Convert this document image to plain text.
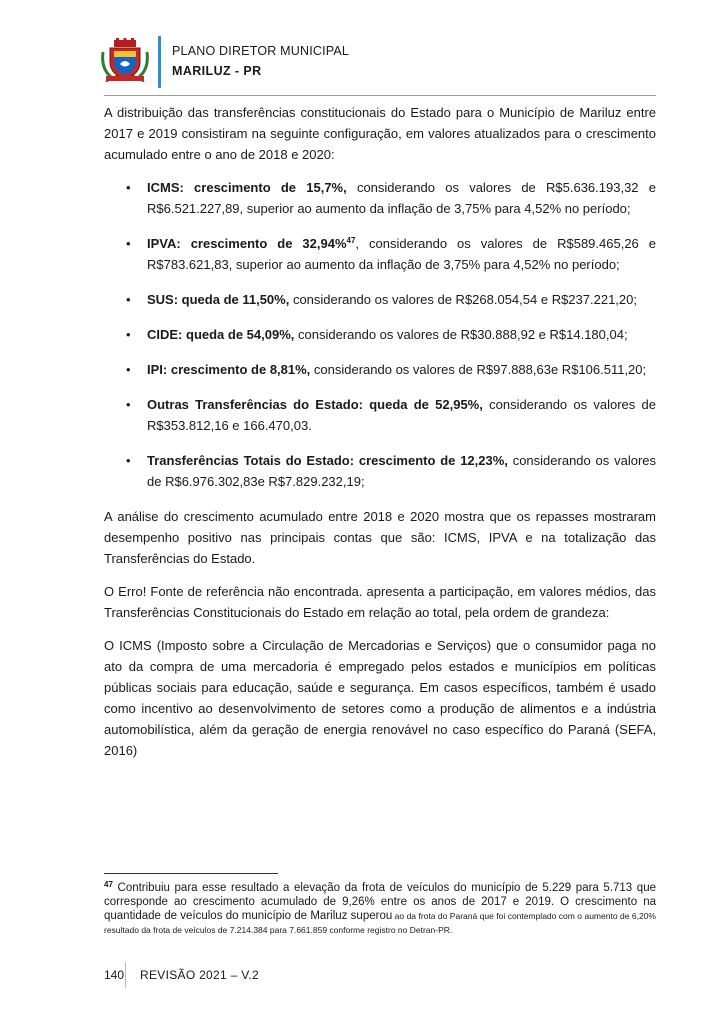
PLANO DIRETOR MUNICIPAL
MARILUZ - PR

A distribuição das transferências constitucionais do Estado para o Município de Mariluz entre 2017 e 2019 consistiram na seguinte configuração, em valores atualizados para o crescimento acumulado entre o ano de 2018 e 2020:

• ICMS: crescimento de 15,7%, considerando os valores de R$5.636.193,32 e R$6.521.227,89, superior ao aumento da inflação de 3,75% para 4,52% no período;
• IPVA: crescimento de 32,94%$^{47}$, considerando os valores de R$589.465,26 e R$783.621,83, superior ao aumento da inflação de 3,75% para 4,52% no período;
• SUS: queda de 11,50%, considerando os valores de R$268.054,54 e R$237.221,20;
• CIDE: queda de 54,09%, considerando os valores de R$30.888,92 e R$14.180,04;
• IPI: crescimento de 8,81%, considerando os valores de R$97.888,63e R$106.511,20;
• Outras Transferências do Estado: queda de 52,95%, considerando os valores de R$353.812,16 e 166.470,03.
• Transferências Totais do Estado: crescimento de 12,23%, considerando os valores de R$6.976.302,83e R$7.829.232,19;

A análise do crescimento acumulado entre 2018 e 2020 mostra que os repasses mostraram desempenho positivo nas principais contas que são: ICMS, IPVA e na totalização das Transferências do Estado.

O Erro! Fonte de referência não encontrada. apresenta a participação, em valores médios, das Transferências Constitucionais do Estado em relação ao total, pela ordem de grandeza:

O ICMS (Imposto sobre a Circulação de Mercadorias e Serviços) que o consumidor paga no ato da compra de uma mercadoria é empregado pelos estados e municípios em políticas públicas sociais para educação, saúde e segurança. Em casos específicos, também é usado como incentivo ao desenvolvimento de setores como a produção de alimentos e a indústria automobilística, além da geração de energia renovável no caso específico do Paraná (SEFA, 2016)

$^{47}$ Contribuiu para esse resultado a elevação da frota de veículos do município de 5.229 para 5.713 que corresponde ao crescimento acumulado de 9,26% entre os anos de 2017 e 2019. O crescimento na quantidade de veículos do município de Mariluz superou ao da frota do Paraná que foi contemplado com o aumento de 6,20% resultado da frota de veículos de 7.214.384 para 7.661.859 conforme registro no Detran-PR.
140 REVISÃO 2021 – V.2
